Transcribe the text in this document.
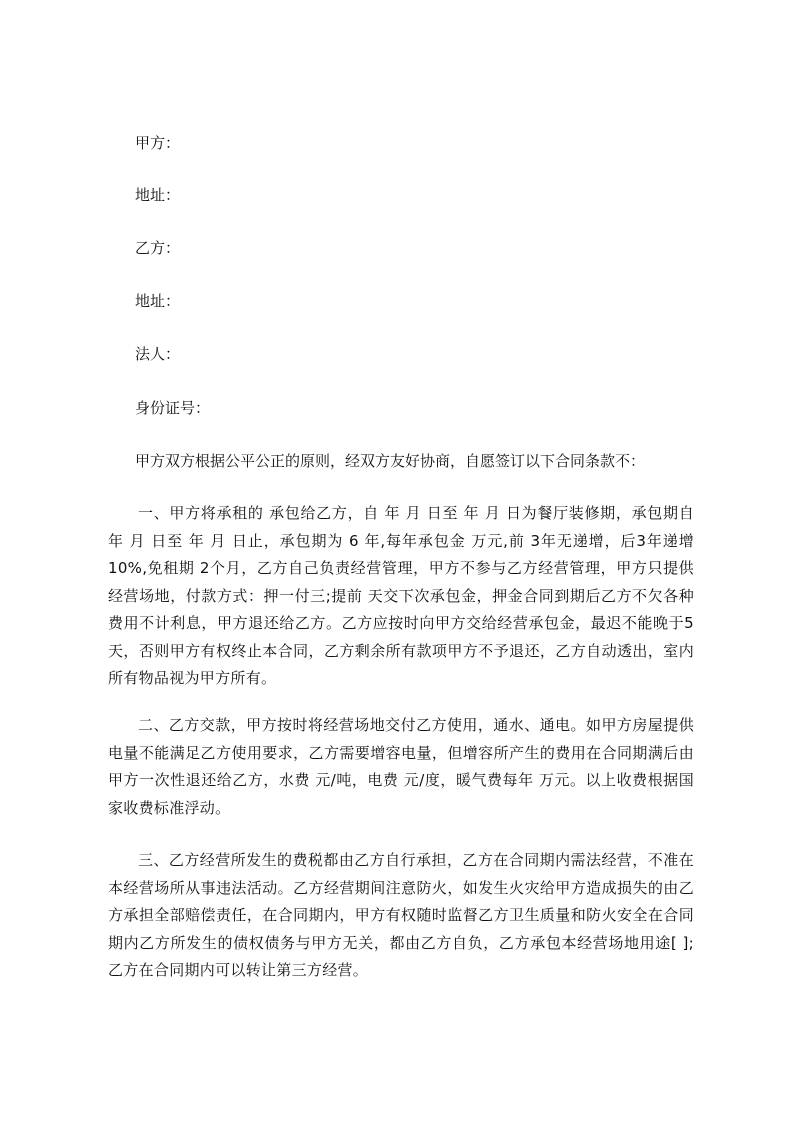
甲方：
地址：
乙方：
地址：
法人：
身份证号：
甲方双方根据公平公正的原则，经双方友好协商，自愿签订以下合同条款不：

一、甲方将承租的 承包给乙方，自 年 月 日至 年 月 日为餐厅装修期，承包期自 年 月 日至 年 月 日止，承包期为 6 年,每年承包金 万元,前 3年无递增，后3年递增10%,免租期 2个月，乙方自己负责经营管理，甲方不参与乙方经营管理，甲方只提供经营场地，付款方式：押一付三;提前 天交下次承包金，押金合同到期后乙方不欠各种费用不计利息，甲方退还给乙方。乙方应按时向甲方交给经营承包金，最迟不能晚于5天，否则甲方有权终止本合同，乙方剩余所有款项甲方不予退还，乙方自动透出，室内所有物品视为甲方所有。

二、乙方交款，甲方按时将经营场地交付乙方使用，通水、通电。如甲方房屋提供电量不能满足乙方使用要求，乙方需要增容电量，但增容所产生的费用在合同期满后由甲方一次性退还给乙方，水费 元/吨，电费 元/度，暖气费每年 万元。以上收费根据国家收费标准浮动。

三、乙方经营所发生的费税都由乙方自行承担，乙方在合同期内需法经营，不准在本经营场所从事违法活动。乙方经营期间注意防火，如发生火灾给甲方造成损失的由乙方承担全部赔偿责任，在合同期内，甲方有权随时监督乙方卫生质量和防火安全在合同期内乙方所发生的债权债务与甲方无关，都由乙方自负，乙方承包本经营场地用途[ ];乙方在合同期内可以转让第三方经营。
